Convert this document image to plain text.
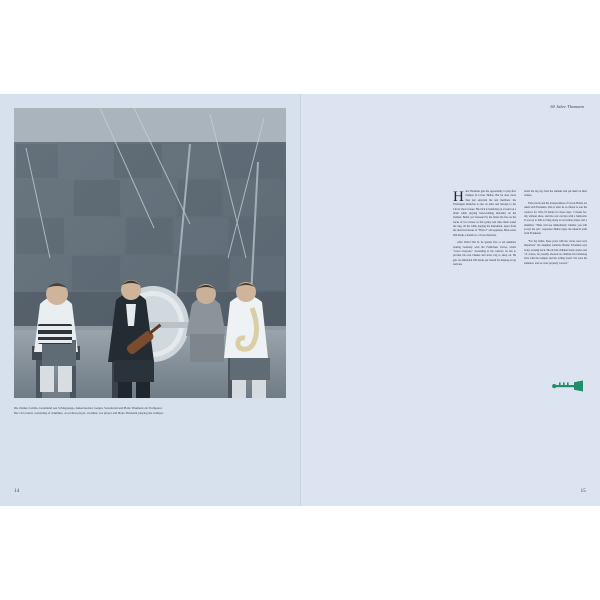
Die Zieher-Combo, bestehend aus Schlagzeuge, Akkordeonist, Geiger, Saxofonist und Hans Thomann als Trompeter.
Die circa band, consisting of drummer, accordion player, violinist, sax player and Hans Thomann playing the trumpet.
14
60 Jahre Thomann

H ans Thomann gets the opportunity to play first trumpet in Circus Hellas. But he does more than just entertain the tent members: the Thuringian musician is also an artist and belongs to the Circus' show troupe. His trick is balancing on a board on a drum while playing heart-rending melodies on his trumpet. Better yet: harassed by the future his fate on the backs of two horses as full gallop and rides them round the ring, all the while playing his instrument. Apart from the deserved shouts of "Bravo!" and applause, Hans earns 400 marks a month as a circus musician.

After World War II, he spends five or six summers touring Germany with the Freilichten Circus, which "wows everyone." Ascending to his contract, he has to provide his own blanket and straw bag to sleep on. He gets an additional 200 marks per month for helping set up and take

down the big top, feed the animals and put them on their trailers.

This travels and the transportation of Circus Hellas are taken with Thomann. This is what he is offered to tour his contract for 1951-53 marks for those days. 5 marks for-day without show, and his own caravan with a bathroom. It was up to him to bring along an accordion player and a drummer. "Hans will see immediately whether you will accept the job," responses Hellas urges the musical team from Frankonia.

"For my father, these years with the circus were very important," his daughter Gabriela Baader Thomann says today, looking back. He told his children many stories and "of course, he proudly showed us children his balancing trick with the trumpet and the rolling board. We were his audience, and we were properly wowed."

15
